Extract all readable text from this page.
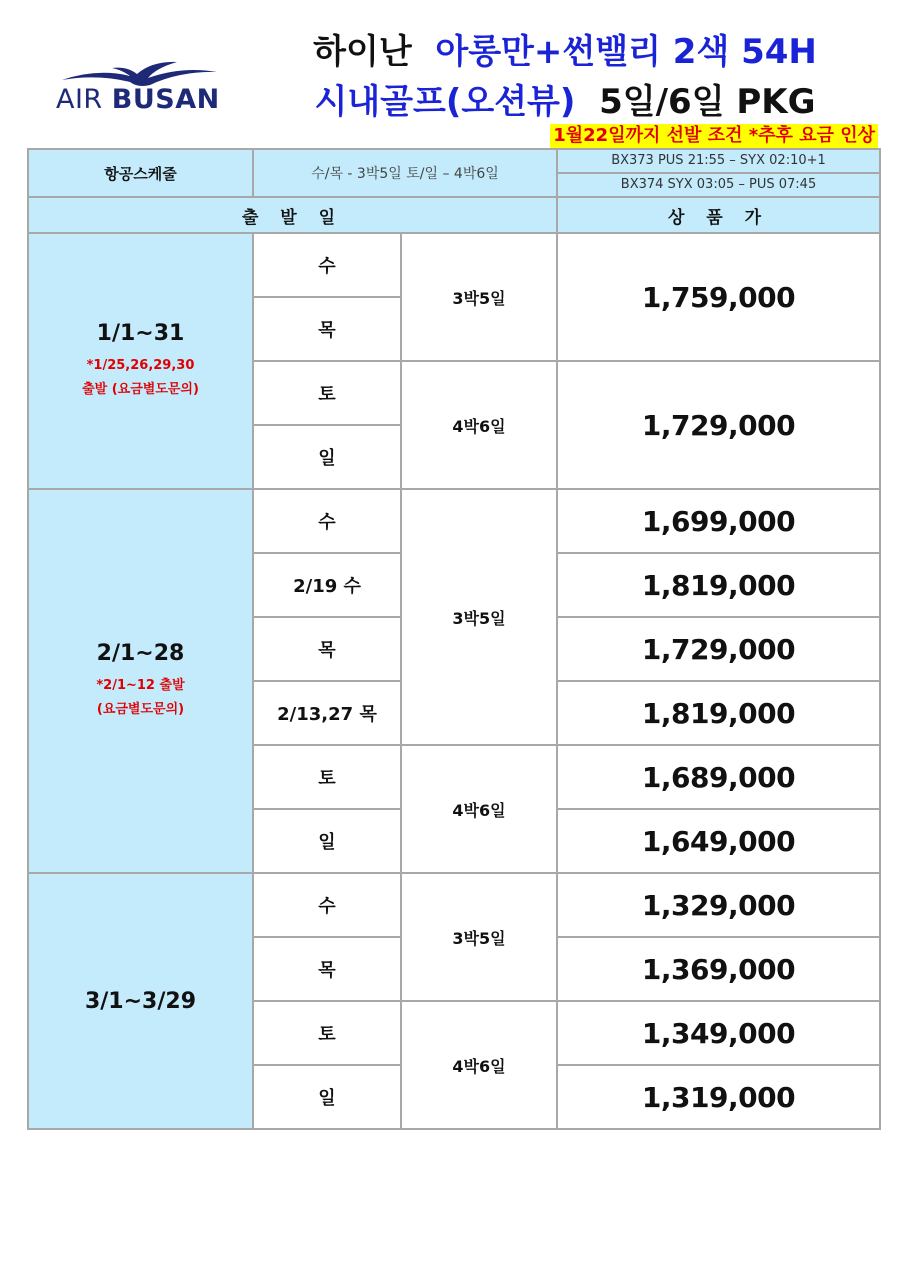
AIR BUSAN
하이난 아롱만+썬밸리 2색 54H
시내골프(오션뷰) 5일/6일 PKG
1월22일까지 선발 조건 *추후 요금 인상
항공스케줄	수/목 - 3박5일 토/일 – 4박6일		BX373 PUS 21:55 – SYX 02:10+1
BX374 SYX 03:05 – PUS 07:45

출 발 일			상 품 가

1/1~31
*1/25,26,29,30
출발 (요금별도문의)	수	3박5일	1,759,000
	목		
	토	4박6일	1,729,000
	일		

2/1~28
*2/1~12 출발
(요금별도문의)	수	3박5일	1,699,000
	2/19 수		1,819,000
	목		1,729,000
	2/13,27 목		1,819,000
	토	4박6일	1,689,000
	일		1,649,000

3/1~3/29	수	3박5일	1,329,000
	목		1,369,000
	토	4박6일	1,349,000
	일		1,319,000
